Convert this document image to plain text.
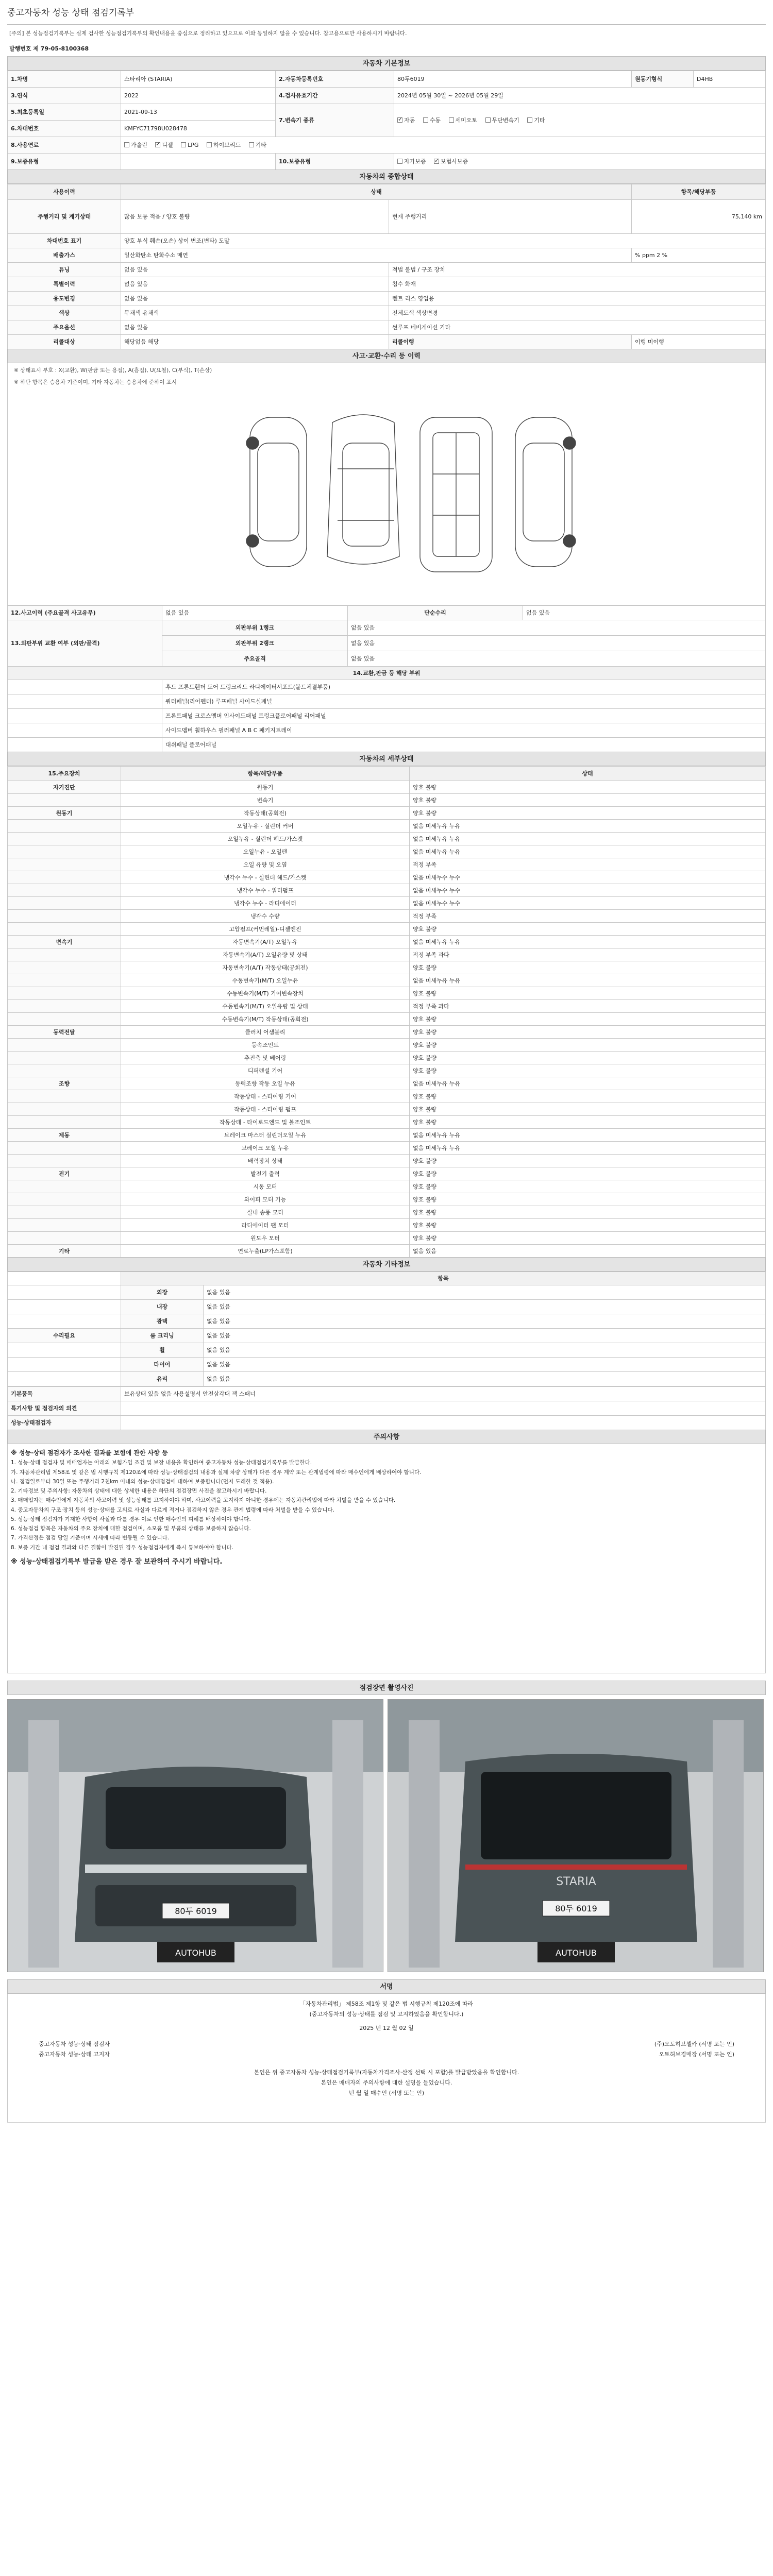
중고자동차 성능 상태 점검기록부
[주의] 본 성능점검기록부는 실제 검사한 성능점검기록부의 확인내용을 중심으로 정리하고 있으므로 이와 동일하지 않을 수 있습니다. 참고용으로만 사용하시기 바랍니다.
발행번호 제 79-05-8100368
자동차 기본정보
1.차명	스타리아 (STARIA)	2.자동차등록번호	80두6019	원동기형식	D4HB
3.연식	2022	4.검사유효기간	2024년 05월 30일 ~ 2026년 05월 29일		
5.최초등록일	2021-09-13	7.변속기 종류	✓자동 수동 세미오토 무단변속기 기타
6.차대번호	KMFYC71798U028478				
8.사용연료	가솔린 ✓ 디젤 LPG 하이브리드 기타
9.보증유형		10.보증유형	자가보증 ✓ 보험사보증
자동차의 종합상태
사용이력	상태		항목/해당부품
주행거리 및 계기상태	많음 보통 적음 / 양호 불량	현재 주행거리	75,140 km
차대번호 표기	양호 부식 훼손(오손) 상이 변조(변타) 도말		
배출가스	일산화탄소 탄화수소 매연		% ppm 2 %
튜닝	없음 있음	적법 불법 / 구조 장치	
특별이력	없음 있음	침수 화재	
용도변경	없음 있음	렌트 리스 영업용	
색상	무채색 유채색	전체도색 색상변경	
주요옵션	없음 있음	썬루프 네비게이션 기타	
리콜대상	해당없음 해당	리콜이행	이행 미이행
사고·교환·수리 등 이력
※ 상태표시 부호 : X(교환), W(판금 또는 용접), A(흠집), U(요철), C(부식), T(손상)
※ 하단 항목은 승용차 기준이며, 기타 자동차는 승용차에 준하여 표시
12.사고이력 (주요골격 사고유무)	없음 있음	단순수리	없음 있음
13.외판부위 교환 여부 (외판/골격)	외판부위 1랭크	없음 있음	
	외판부위 2랭크	없음 있음	
	주요골격	없음 있음	
14.교환,판금 등 해당 부위			
	후드 프론트휀더 도어 트렁크리드 라디에이터서포트(볼트체결부품)		
	쿼터패널(리어펜더) 루프패널 사이드실패널		
	프론트패널 크로스멤버 인사이드패널 트렁크플로어패널 리어패널		
	사이드멤버 휠하우스 필러패널 A B C 패키지트레이		
	대쉬패널 플로어패널		
자동차의 세부상태
15.주요장치	항목/해당부품	상태
자기진단	원동기	양호 불량
	변속기	양호 불량
원동기	작동상태(공회전)	양호 불량
	오일누유 - 실린더 커버	없음 미세누유 누유
	오일누유 - 실린더 헤드/가스켓	없음 미세누유 누유
	오일누유 - 오일팬	없음 미세누유 누유
	오일 유량 및 오염	적정 부족
	냉각수 누수 - 실린더 헤드/가스켓	없음 미세누수 누수
	냉각수 누수 - 워터펌프	없음 미세누수 누수
	냉각수 누수 - 라디에이터	없음 미세누수 누수
	냉각수 수량	적정 부족
	고압펌프(커먼레일)-디젤엔진	양호 불량
변속기	자동변속기(A/T) 오일누유	없음 미세누유 누유
	자동변속기(A/T) 오일유량 및 상태	적정 부족 과다
	자동변속기(A/T) 작동상태(공회전)	양호 불량
	수동변속기(M/T) 오일누유	없음 미세누유 누유
	수동변속기(M/T) 기어변속장치	양호 불량
	수동변속기(M/T) 오일유량 및 상태	적정 부족 과다
	수동변속기(M/T) 작동상태(공회전)	양호 불량
동력전달	클러치 어셈블리	양호 불량
	등속조인트	양호 불량
	추진축 및 베어링	양호 불량
	디퍼렌셜 기어	양호 불량
조향	동력조향 작동 오일 누유	없음 미세누유 누유
	작동상태 - 스티어링 기어	양호 불량
	작동상태 - 스티어링 펌프	양호 불량
	작동상태 - 타이로드엔드 및 볼조인트	양호 불량
제동	브레이크 마스터 실린더오일 누유	없음 미세누유 누유
	브레이크 오일 누유	없음 미세누유 누유
	배력장치 상태	양호 불량
전기	발전기 출력	양호 불량
	시동 모터	양호 불량
	와이퍼 모터 기능	양호 불량
	실내 송풍 모터	양호 불량
	라디에이터 팬 모터	양호 불량
	윈도우 모터	양호 불량
기타	연료누출(LP가스포함)	없음 있음
자동차 기타정보
	항목	
	외장	없음 있음
	내장	없음 있음
	광택	없음 있음
수리필요	룸 크리닝	없음 있음
	휠	없음 있음
	타이어	없음 있음
	유리	없음 있음
기본품목	보유상태 있음 없음 사용설명서 안전삼각대 잭 스패너
특기사항 및 점검자의 의견	
성능·상태점검자	
주의사항

※ 성능·상태 점검자가 조사한 결과를 보험에 관한 사항 등

1. 성능·상태 점검자 및 매매업자는 아래의 보험가입 조건 및 보장 내용을 확인하여 중고자동차 성능·상태점검기록부를 발급한다.

가. 자동차관리법 제58조 및 같은 법 시행규칙 제120조에 따라 성능·상태점검의 내용과 실제 차량 상태가 다른 경우 계약 또는 관계법령에 따라 매수인에게 배상하여야 합니다.

나. 점검일로부터 30일 또는 주행거리 2천km 이내의 성능·상태점검에 대하여 보증합니다(먼저 도래한 것 적용).

2. 기타정보 및 주의사항: 자동차의 상태에 대한 상세한 내용은 하단의 점검장면 사진을 참고하시기 바랍니다.

3. 매매업자는 매수인에게 자동차의 사고이력 및 성능상태를 고지하여야 하며, 사고이력을 고지하지 아니한 경우에는 자동차관리법에 따라 처벌을 받을 수 있습니다.

4. 중고자동차의 구조·장치 등의 성능·상태를 고의로 사실과 다르게 적거나 점검하지 않은 경우 관계 법령에 따라 처벌을 받을 수 있습니다.

5. 성능·상태 점검자가 기재한 사항이 사실과 다를 경우 이로 인한 매수인의 피해를 배상하여야 합니다.

6. 성능점검 항목은 자동차의 주요 장치에 대한 점검이며, 소모품 및 부품의 상태를 보증하지 않습니다.

7. 가격산정은 점검 당일 기준이며 시세에 따라 변동될 수 있습니다.

8. 보증 기간 내 점검 결과와 다른 결함이 발견된 경우 성능점검자에게 즉시 통보하여야 합니다.

※ 성능·상태점검기록부 발급을 받은 경우 잘 보관하여 주시기 바랍니다.

점검장면 촬영사진
80두 6019
AUTOHUB
STARIA
80두 6019
AUTOHUB
서명
「자동차관리법」 제58조 제1항 및 같은 법 시행규칙 제120조에 따라
(중고자동차의 성능·상태를 점검 및 고지하였음을 확인합니다.)
2025 년 12 월 02 일
중고자동차 성능·상태 점검자	(주)오토허브셀카 (서명 또는 인)
중고자동차 성능·상태 고지자	오토허브경매장 (서명 또는 인)
본인은 위 중고자동차 성능·상태점검기록부(자동차가격조사·산정 선택 시 포함)를 발급받았음을 확인합니다.
본인은 매매자의 주의사항에 대한 설명을 들었습니다.
년 월 일 매수인 (서명 또는 인)
